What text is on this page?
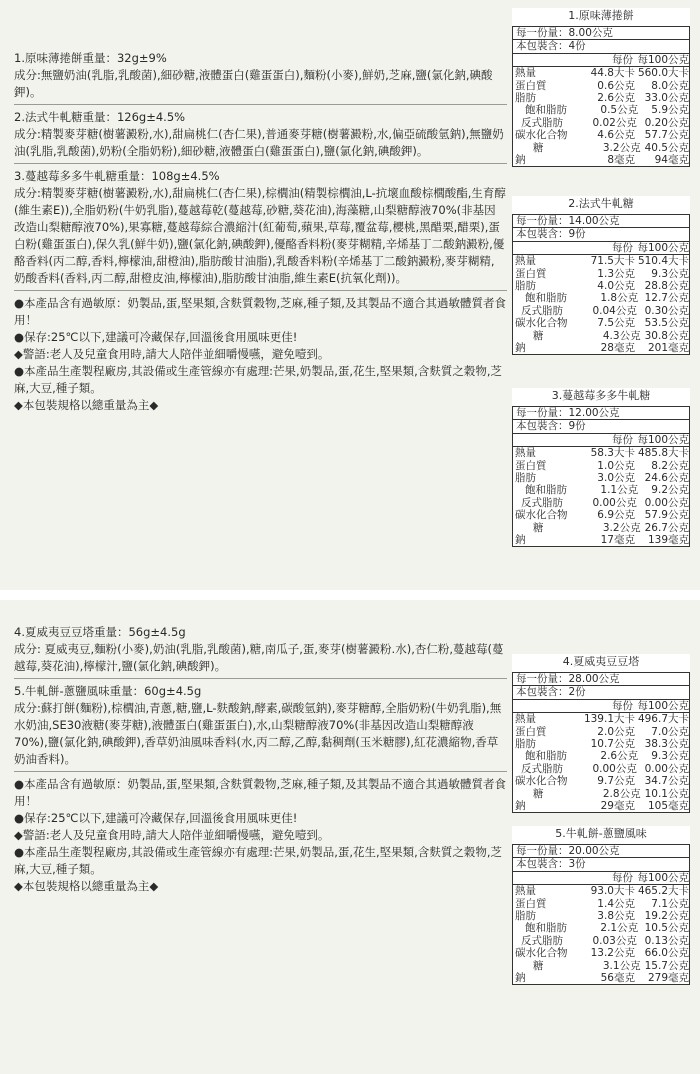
1.原味薄捲餅重量：32g±9%
成分:無鹽奶油(乳脂,乳酸菌),細砂糖,液體蛋白(雞蛋蛋白),麵粉(小麥),鮮奶,芝麻,鹽(氯化鈉,碘酸鉀)。
2.法式牛軋糖重量：126g±4.5%
成分:精製麥芽糖(樹薯澱粉,水),甜扁桃仁(杏仁果),普通麥芽糖(樹薯澱粉,水,偏亞硫酸氫鈉),無鹽奶油(乳脂,乳酸菌),奶粉(全脂奶粉),細砂糖,液體蛋白(雞蛋蛋白),鹽(氯化鈉,碘酸鉀)。
3.蔓越莓多多牛軋糖重量：108g±4.5%
成分:精製麥芽糖(樹薯澱粉,水),甜扁桃仁(杏仁果),棕櫚油(精製棕櫚油,L-抗壞血酸棕櫚酸酯,生育醇(維生素E)),全脂奶粉(牛奶乳脂),蔓越莓乾(蔓越莓,砂糖,葵花油),海藻糖,山梨糖醇液70%(非基因改造山梨糖醇液70%),果寡糖,蔓越莓綜合濃縮汁(紅葡萄,蘋果,草莓,覆盆莓,櫻桃,黑醋栗,醋栗),蛋白粉(雞蛋蛋白),保久乳(鮮牛奶),鹽(氯化鈉,碘酸鉀),優酪香料粉(麥芽糊精,辛烯基丁二酸鈉澱粉,優酪香料(丙二醇,香料,檸檬油,甜橙油),脂肪酸甘油脂),乳酸香料粉(辛烯基丁二酸鈉澱粉,麥芽糊精, 奶酸香料(香料,丙二醇,甜橙皮油,檸檬油),脂肪酸甘油脂,維生素E(抗氧化劑))。

●本產品含有過敏原：奶製品,蛋,堅果類,含麩質穀物,芝麻,種子類,及其製品不適合其過敏體質者食用！

●保存:25℃以下,建議可冷藏保存,回溫後食用風味更佳!

◆警語:老人及兒童食用時,請大人陪伴並細嚼慢嚥，避免噎到。

●本產品生產製程廠房,其設備或生產管線亦有處理:芒果,奶製品,蛋,花生,堅果類,含麩質之穀物,芝麻,大豆,種子類。

◆本包裝規格以總重量為主◆

1.原味薄捲餅
每一份量：8.00公克
本包裝含：4份
每份 每100公克
熱量	44.8大卡 560.0大卡
蛋白質	0.6公克	8.0公克
脂肪	2.6公克 33.0公克
飽和脂肪	0.5公克	5.9公克
反式脂肪	0.02公克 0.20公克
碳水化合物	4.6公克 57.7公克
糖	3.2公克 40.5公克
鈉	8毫克	94毫克
2.法式牛軋糖
每一份量：14.00公克
本包裝含：9份
每份 每100公克
熱量	71.5大卡 510.4大卡
蛋白質	1.3公克	9.3公克
脂肪	4.0公克 28.8公克
飽和脂肪	1.8公克 12.7公克
反式脂肪	0.04公克 0.30公克
碳水化合物	7.5公克 53.5公克
糖	4.3公克 30.8公克
鈉	28毫克	201毫克
3.蔓越莓多多牛軋糖
每一份量：12.00公克
本包裝含：9份
每份 每100公克
熱量	58.3大卡 485.8大卡
蛋白質	1.0公克	8.2公克
脂肪	3.0公克 24.6公克
飽和脂肪	1.1公克	9.2公克
反式脂肪	0.00公克 0.00公克
碳水化合物	6.9公克 57.9公克
糖	3.2公克 26.7公克
鈉	17毫克	139毫克
4.夏威夷豆豆塔重量：56g±4.5g
成分: 夏威夷豆,麵粉(小麥),奶油(乳脂,乳酸菌),糖,南瓜子,蛋,麥芽(樹薯澱粉.水),杏仁粉,蔓越莓(蔓越莓,葵花油),檸檬汁,鹽(氯化鈉,碘酸鉀)。
5.牛軋餅-蔥鹽風味重量：60g±4.5g
成分:蘇打餅(麵粉),棕櫚油,青蔥,糖,鹽,L-麩酸鈉,酵素,碳酸氫鈉),麥芽糖醇,全脂奶粉(牛奶乳脂),無水奶油,SE30液糖(麥芽糖),液體蛋白(雞蛋蛋白),水,山梨糖醇液70%(非基因改造山梨糖醇液70%),鹽(氯化鈉,碘酸鉀),香草奶油風味香料(水,丙二醇,乙醇,黏稠劑(玉米糖膠),紅花濃縮物,香草奶油香料)。

●本產品含有過敏原：奶製品,蛋,堅果類,含麩質穀物,芝麻,種子類,及其製品不適合其過敏體質者食用！

●保存:25℃以下,建議可冷藏保存,回溫後食用風味更佳!

◆警語:老人及兒童食用時,請大人陪伴並細嚼慢嚥，避免噎到。

●本產品生產製程廠房,其設備或生產管線亦有處理:芒果,奶製品,蛋,花生,堅果類,含麩質之穀物,芝麻,大豆,種子類。

◆本包裝規格以總重量為主◆

4.夏威夷豆豆塔
每一份量：28.00公克
本包裝含：2份
每份 每100公克
熱量	139.1大卡 496.7大卡
蛋白質	2.0公克	7.0公克
脂肪	10.7公克 38.3公克
飽和脂肪	2.6公克	9.3公克
反式脂肪	0.00公克 0.00公克
碳水化合物	9.7公克 34.7公克
糖	2.8公克 10.1公克
鈉	29毫克	105毫克
5.牛軋餅-蔥鹽風味
每一份量：20.00公克
本包裝含：3份
每份 每100公克
熱量	93.0大卡 465.2大卡
蛋白質	1.4公克	7.1公克
脂肪	3.8公克 19.2公克
飽和脂肪	2.1公克 10.5公克
反式脂肪	0.03公克 0.13公克
碳水化合物	13.2公克 66.0公克
糖	3.1公克 15.7公克
鈉	56毫克	279毫克
